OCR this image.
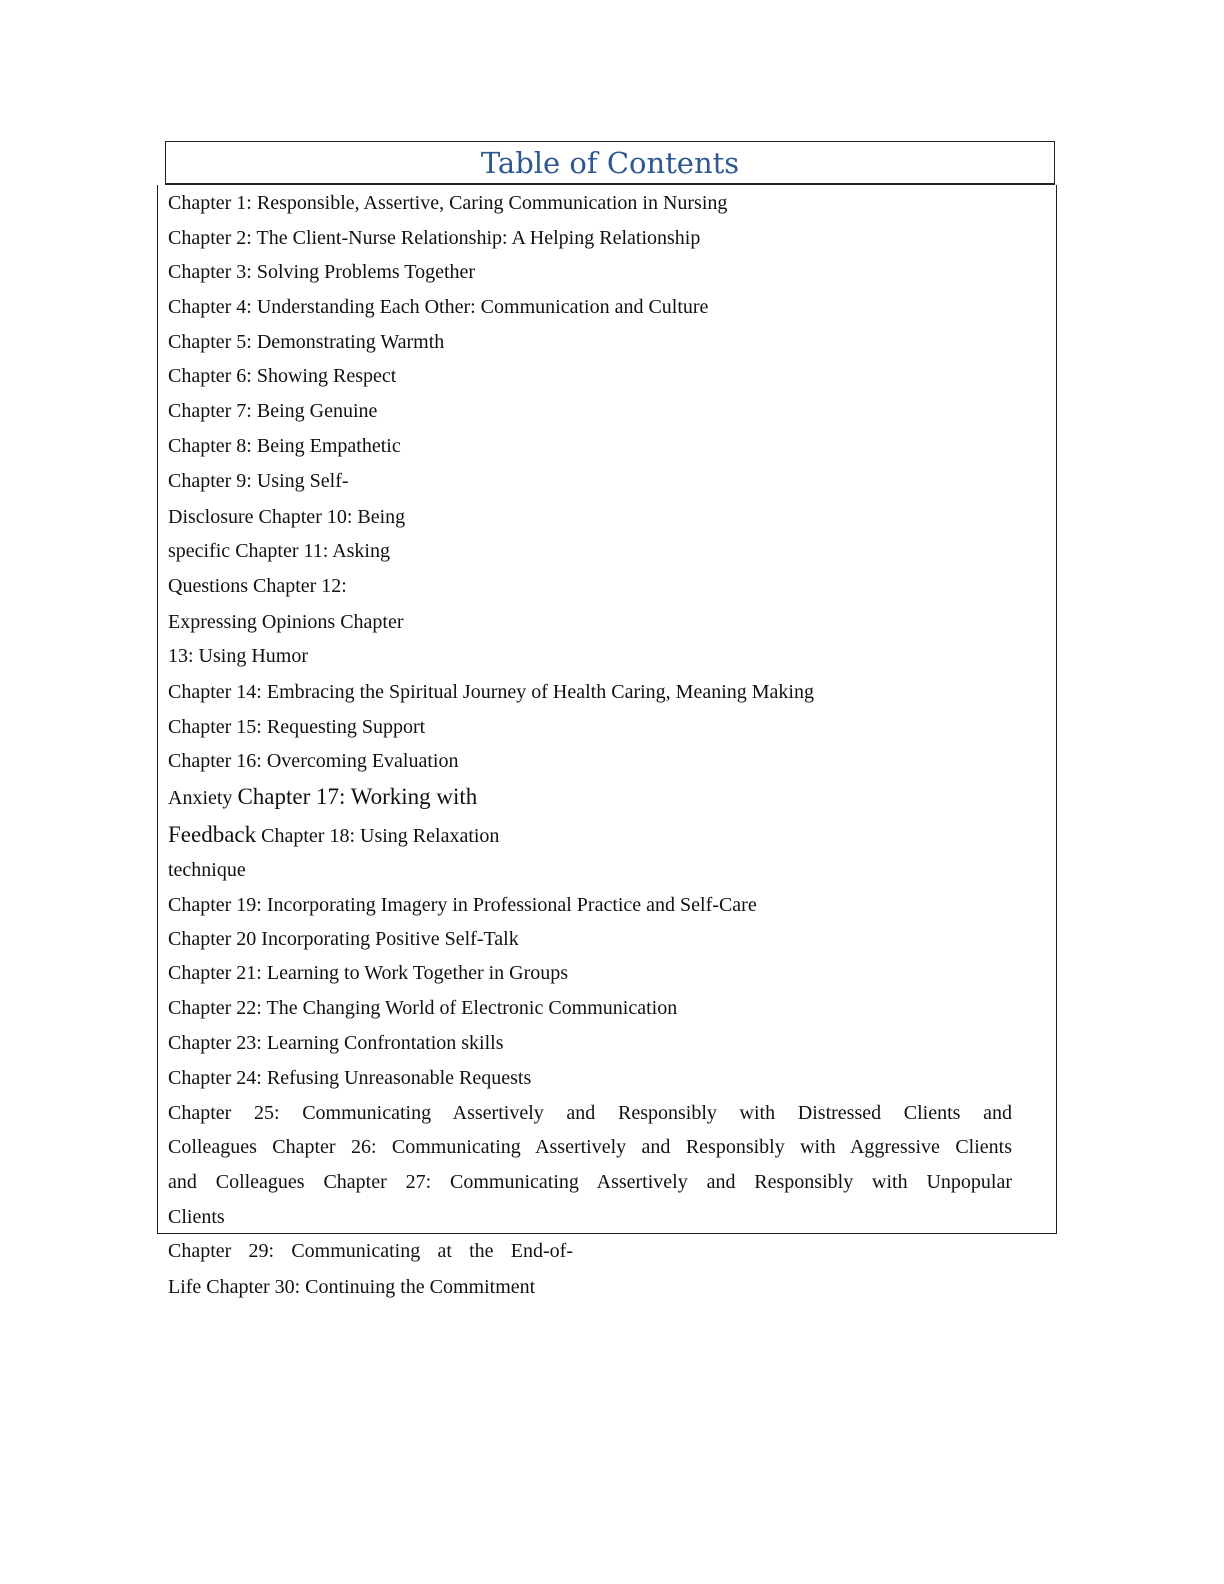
Table of Contents
Chapter 1: Responsible, Assertive, Caring Communication in Nursing
Chapter 2: The Client-Nurse Relationship: A Helping Relationship
Chapter 3: Solving Problems Together
Chapter 4: Understanding Each Other: Communication and Culture
Chapter 5: Demonstrating Warmth
Chapter 6: Showing Respect
Chapter 7: Being Genuine
Chapter 8: Being Empathetic
Chapter 9: Using Self-
Disclosure Chapter 10: Being
specific Chapter 11: Asking
Questions Chapter 12:
Expressing Opinions Chapter
13: Using Humor
Chapter 14: Embracing the Spiritual Journey of Health Caring, Meaning Making
Chapter 15: Requesting Support
Chapter 16: Overcoming Evaluation
Anxiety Chapter 17: Working with
Feedback Chapter 18: Using Relaxation
technique
Chapter 19: Incorporating Imagery in Professional Practice and Self-Care
Chapter 20 Incorporating Positive Self-Talk
Chapter 21: Learning to Work Together in Groups
Chapter 22: The Changing World of Electronic Communication
Chapter 23: Learning Confrontation skills
Chapter 24: Refusing Unreasonable Requests
Chapter 25: Communicating Assertively and Responsibly with Distressed Clients and
Colleagues Chapter 26: Communicating Assertively and Responsibly with Aggressive Clients
and Colleagues Chapter 27: Communicating Assertively and Responsibly with Unpopular
Clients
Chapter 29: Communicating at the End-of-
Life Chapter 30: Continuing the Commitment
